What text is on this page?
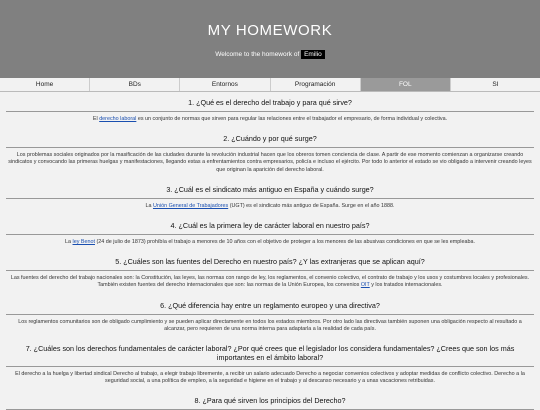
MY HOMEWORK
Welcome to the homework of Emilio
Home	BDs	Entornos	Programación	FOL	SI
1. ¿Qué es el derecho del trabajo y para qué sirve?

El derecho laboral es un conjunto de normas que sirven para regular las relaciones entre el trabajador el empresario, de forma individual y colectiva.

2. ¿Cuándo y por qué surge?

Los problemas sociales originados por la masificación de las ciudades durante la revolución industrial hacen que los obreros tomen conciencia de clase. A partir de ese momento comienzan a organizarse creando sindicatos y convocando las primeras huelgas y manifestaciones, llegando estas a enfrentamientos contra empresarios, policía e incluso el ejército. Por todo lo anterior el estado se vio obligado a intervenir creando leyes que originan la aparición del derecho laboral.

3. ¿Cuál es el sindicato más antiguo en España y cuándo surge?

La Unión General de Trabajadores (UGT) es el sindicato más antiguo de España. Surge en el año 1888.

4. ¿Cuál es la primera ley de carácter laboral en nuestro país?

La ley Benot (24 de julio de 1873) prohíbía el trabajo a menores de 10 años con el objetivo de proteger a los menores de las abusivas condiciones en que se les empleaba.

5. ¿Cuáles son las fuentes del Derecho en nuestro país? ¿Y las extranjeras que se aplican aquí?

Las fuentes del derecho del trabajo nacionales son: la Constitución, las leyes, las normas con rango de ley, los reglamentos, el convenio colectivo, el contrato de trabajo y los usos y costumbres locales y profesionales. También existen fuentes del derecho internacionales que son: las normas de la Unión Europea, los convenios OIT y los tratados internacionales.

6. ¿Qué diferencia hay entre un reglamento europeo y una directiva?

Los reglamentos comunitarios son de obligado cumplimiento y se pueden aplicar directamente en todos los estados miembros. Por otro lado las directivas también suponen una obligación respecto al resultado a alcanzar, pero requieren de una norma interna para adaptarla a la realidad de cada país.

7. ¿Cuáles son los derechos fundamentales de carácter laboral? ¿Por qué crees que el legislador los considera fundamentales? ¿Crees que son los más importantes en el ámbito laboral?

El derecho a la huelga y libertad sindical Derecho al trabajo, a elegir trabajo libremente, a recibir un salario adecuado Derecho a negociar convenios colectivos y adoptar medidas de conflicto colectivo. Derecho a la seguridad social, a una política de empleo, a la seguridad e higiene en el trabajo y al descanso necesario y a unas vacaciones retribuidas.

8. ¿Para qué sirven los principios del Derecho?
